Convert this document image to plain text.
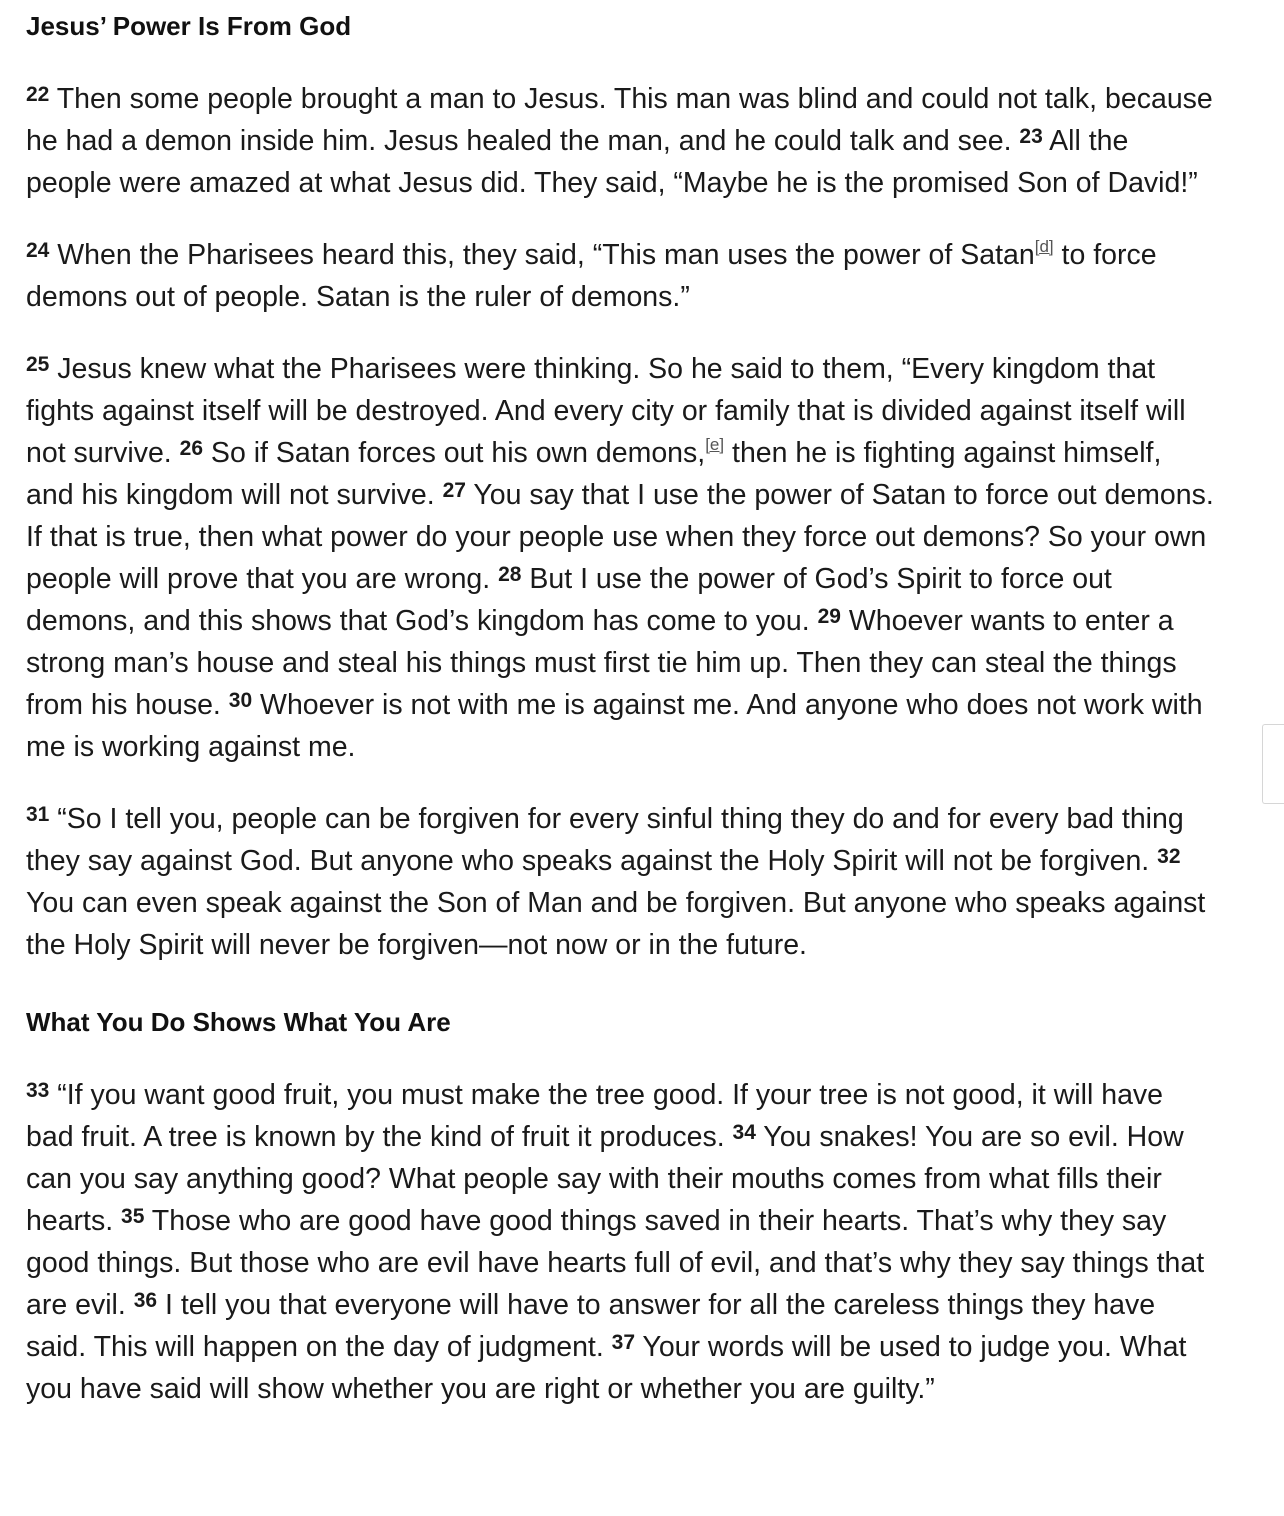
Jesus’ Power Is From God

$^{22}$ Then some people brought a man to Jesus. This man was blind and could not talk, because he had a demon inside him. Jesus healed the man, and he could talk and see. $^{23}$ All the people were amazed at what Jesus did. They said, “Maybe he is the promised Son of David!”

$^{24}$ When the Pharisees heard this, they said, “This man uses the power of Satan[d] to force demons out of people. Satan is the ruler of demons.”

$^{25}$ Jesus knew what the Pharisees were thinking. So he said to them, “Every kingdom that fights against itself will be destroyed. And every city or family that is divided against itself will not survive. $^{26}$ So if Satan forces out his own demons,[e] then he is fighting against himself, and his kingdom will not survive. $^{27}$ You say that I use the power of Satan to force out demons. If that is true, then what power do your people use when they force out demons? So your own people will prove that you are wrong. $^{28}$ But I use the power of God’s Spirit to force out demons, and this shows that God’s kingdom has come to you. $^{29}$ Whoever wants to enter a strong man’s house and steal his things must first tie him up. Then they can steal the things from his house. $^{30}$ Whoever is not with me is against me. And anyone who does not work with me is working against me.

$^{31}$ “So I tell you, people can be forgiven for every sinful thing they do and for every bad thing they say against God. But anyone who speaks against the Holy Spirit will not be forgiven. $^{32}$ You can even speak against the Son of Man and be forgiven. But anyone who speaks against the Holy Spirit will never be forgiven—not now or in the future.

What You Do Shows What You Are

$^{33}$ “If you want good fruit, you must make the tree good. If your tree is not good, it will have bad fruit. A tree is known by the kind of fruit it produces. $^{34}$ You snakes! You are so evil. How can you say anything good? What people say with their mouths comes from what fills their hearts. $^{35}$ Those who are good have good things saved in their hearts. That’s why they say good things. But those who are evil have hearts full of evil, and that’s why they say things that are evil. $^{36}$ I tell you that everyone will have to answer for all the careless things they have said. This will happen on the day of judgment. $^{37}$ Your words will be used to judge you. What you have said will show whether you are right or whether you are guilty.”
